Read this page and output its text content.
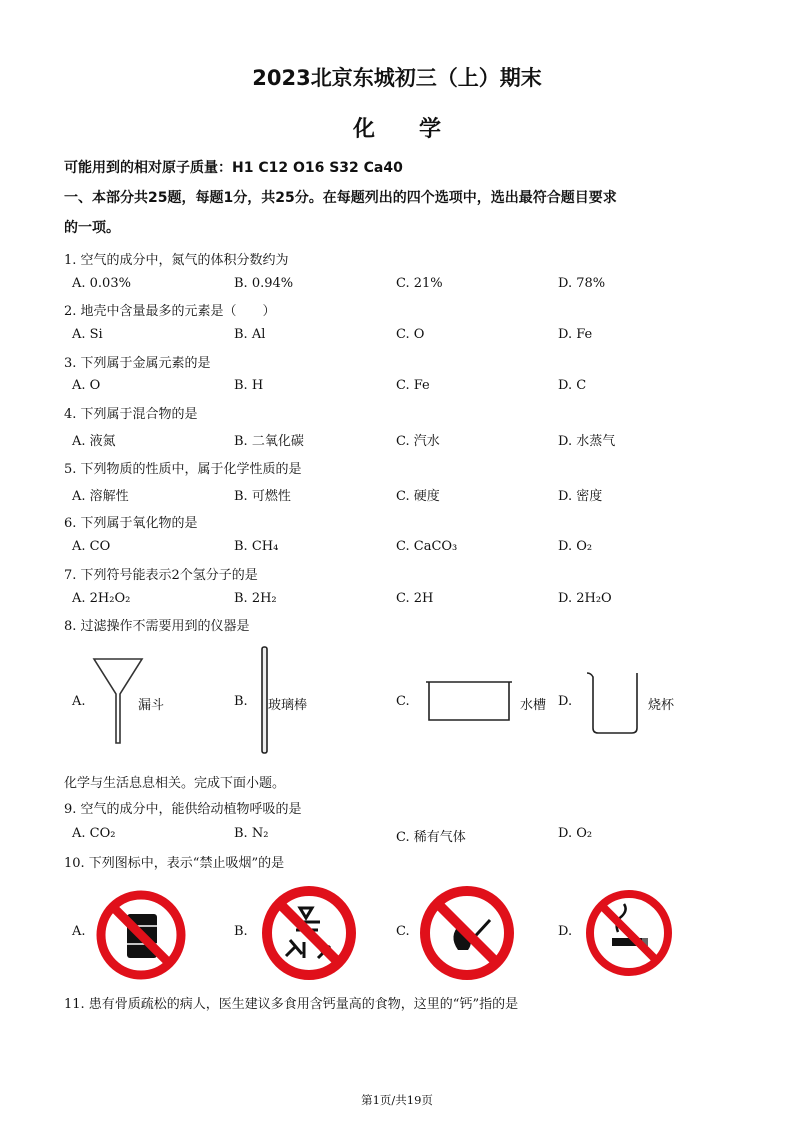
2023北京东城初三（上）期末
化学
可能用到的相对原子质量：H1 C12 O16 S32 Ca40
一、本部分共25题，每题1分，共25分。在每题列出的四个选项中，选出最符合题目要求
的一项。
1. 空气的成分中，氮气的体积分数约为
A. 0.03%	B. 0.94%	C. 21%	D. 78%
2. 地壳中含量最多的元素是（　　）
A. Si	B. Al	C. O	D. Fe
3. 下列属于金属元素的是
A. O	B. H	C. Fe	D. C
4. 下列属于混合物的是
A. 液氮	B. 二氧化碳	C. 汽水	D. 水蒸气
5. 下列物质的性质中，属于化学性质的是
A. 溶解性	B. 可燃性	C. 硬度	D. 密度
6. 下列属于氧化物的是
A. CO	B. CH₄	C. CaCO₃	D. O₂
7. 下列符号能表示2个氢分子的是
A. 2H₂O₂	B. 2H₂	C. 2H	D. 2H₂O
8. 过滤操作不需要用到的仪器是
A.	漏斗	B. 玻璃棒	C.	水槽 D.	烧杯
化学与生活息息相关。完成下面小题。
9. 空气的成分中，能供给动植物呼吸的是
A. CO₂	B. N₂	C. 稀有气体	D. O₂
10. 下列图标中，表示“禁止吸烟”的是
A.	B.	C.	D.
11. 患有骨质疏松的病人，医生建议多食用含钙量高的食物，这里的“钙”指的是
第1页/共19页
